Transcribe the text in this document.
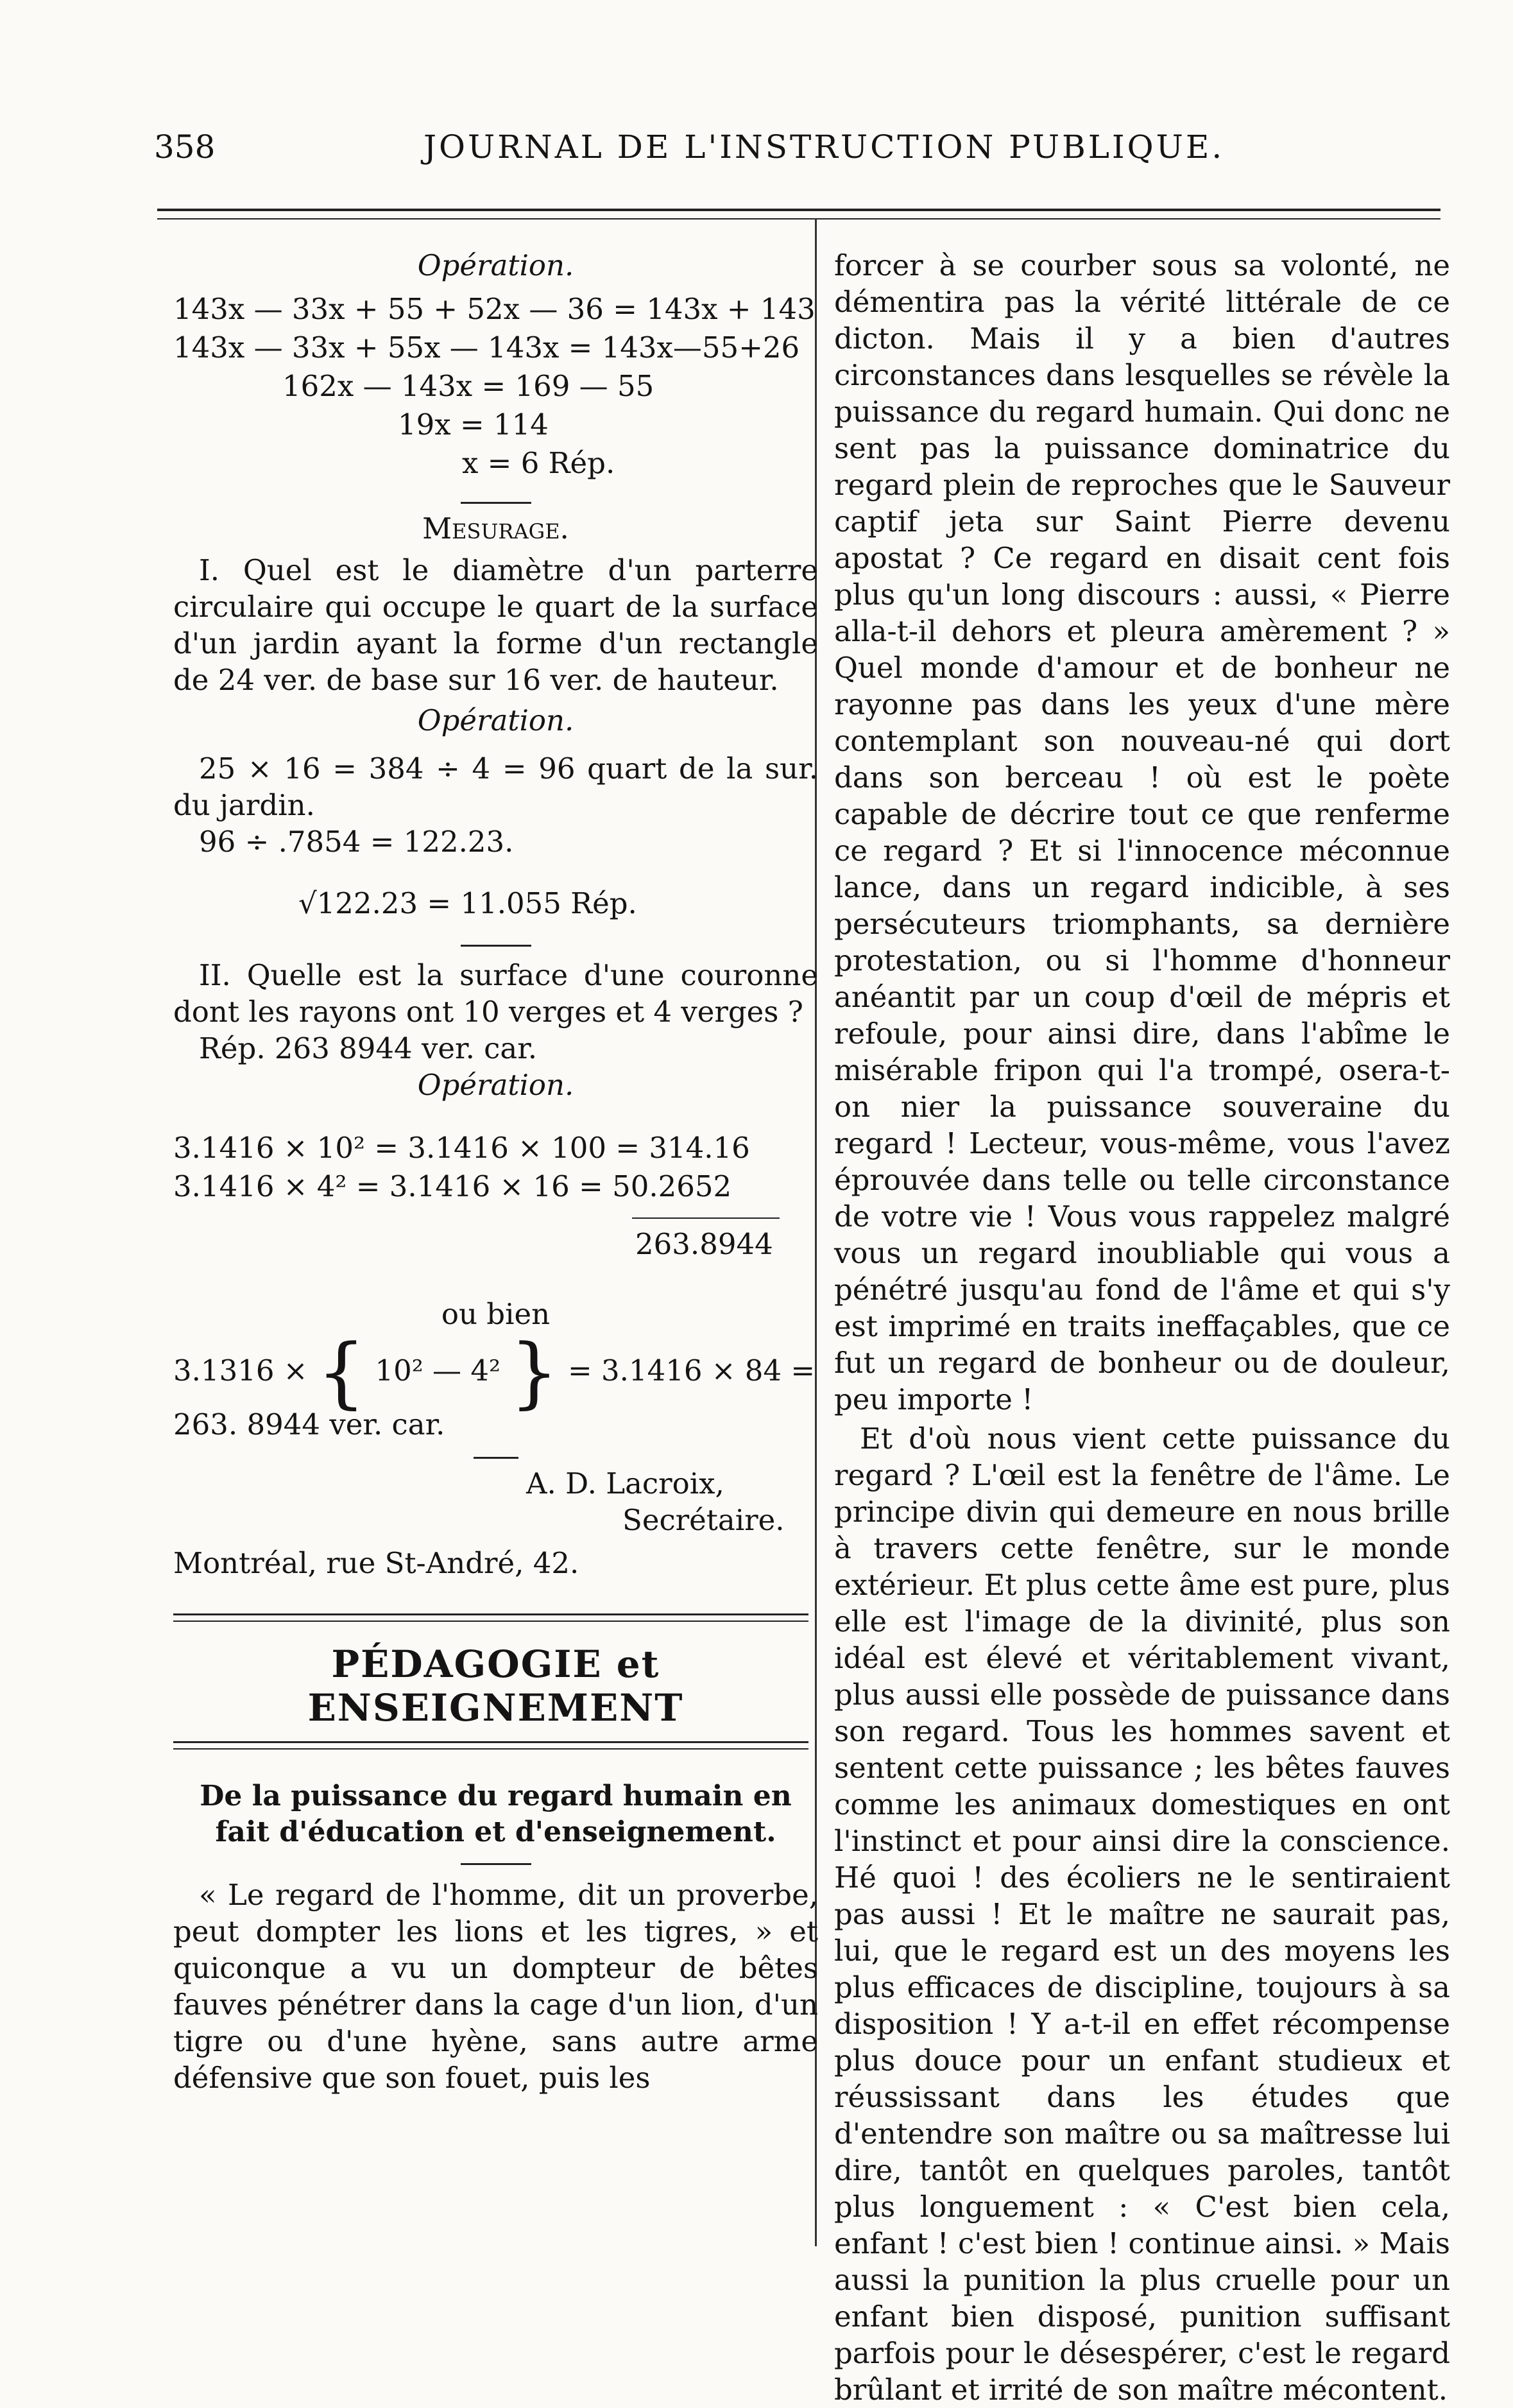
358	JOURNAL DE L'INSTRUCTION PUBLIQUE.

Opération.

143x — 33x + 55 + 52x — 36 = 143x + 143

143x — 33x + 55x — 143x = 143x—55+26

162x — 143x = 169 — 55

19x = 114

x = 6 Rép.

Mesurage.

I. Quel est le diamètre d'un parterre circulaire qui occupe le quart de la surface d'un jardin ayant la forme d'un rectangle de 24 ver. de base sur 16 ver. de hauteur.

Opération.

25 × 16 = 384 ÷ 4 = 96 quart de la sur. du jardin.

96 ÷ .7854 = 122.23.

√122.23 = 11.055 Rép.

II. Quelle est la surface d'une couronne dont les rayons ont 10 verges et 4 verges ?

Rép. 263 8944 ver. car.

Opération.

3.1416 × 10² = 3.1416 × 100 = 314.16

3.1416 × 4² = 3.1416 × 16 = 50.2652

263.8944

ou bien

3.1316 × { 10² — 4² } = 3.1416 × 84 =

263. 8944 ver. car.

A. D. Lacroix,

Secrétaire.

Montréal, rue St-André, 42.

PÉDAGOGIE et ENSEIGNEMENT

De la puissance du regard humain en fait d'éducation et d'enseignement.

« Le regard de l'homme, dit un proverbe, peut dompter les lions et les tigres, » et quiconque a vu un dompteur de bêtes fauves pénétrer dans la cage d'un lion, d'un tigre ou d'une hyène, sans autre arme défensive que son fouet, puis les

forcer à se courber sous sa volonté, ne démentira pas la vérité littérale de ce dicton. Mais il y a bien d'autres circonstances dans lesquelles se révèle la puissance du regard humain. Qui donc ne sent pas la puissance dominatrice du regard plein de reproches que le Sauveur captif jeta sur Saint Pierre devenu apostat ? Ce regard en disait cent fois plus qu'un long discours : aussi, « Pierre alla-t-il dehors et pleura amèrement ? » Quel monde d'amour et de bonheur ne rayonne pas dans les yeux d'une mère contemplant son nouveau-né qui dort dans son berceau ! où est le poète capable de décrire tout ce que renferme ce regard ? Et si l'innocence méconnue lance, dans un regard indicible, à ses persécuteurs triomphants, sa dernière protestation, ou si l'homme d'honneur anéantit par un coup d'œil de mépris et refoule, pour ainsi dire, dans l'abîme le misérable fripon qui l'a trompé, osera-t-on nier la puissance souveraine du regard ! Lecteur, vous-même, vous l'avez éprouvée dans telle ou telle circonstance de votre vie ! Vous vous rappelez malgré vous un regard inoubliable qui vous a pénétré jusqu'au fond de l'âme et qui s'y est imprimé en traits ineffaçables, que ce fut un regard de bonheur ou de douleur, peu importe !

Et d'où nous vient cette puissance du regard ? L'œil est la fenêtre de l'âme. Le principe divin qui demeure en nous brille à travers cette fenêtre, sur le monde extérieur. Et plus cette âme est pure, plus elle est l'image de la divinité, plus son idéal est élevé et véritablement vivant, plus aussi elle possède de puissance dans son regard. Tous les hommes savent et sentent cette puissance ; les bêtes fauves comme les animaux domestiques en ont l'instinct et pour ainsi dire la conscience. Hé quoi ! des écoliers ne le sentiraient pas aussi ! Et le maître ne saurait pas, lui, que le regard est un des moyens les plus efficaces de discipline, toujours à sa disposition ! Y a-t-il en effet récompense plus douce pour un enfant studieux et réussissant dans les études que d'entendre son maître ou sa maîtresse lui dire, tantôt en quelques paroles, tantôt plus longuement : « C'est bien cela, enfant ! c'est bien ! continue ainsi. » Mais aussi la punition la plus cruelle pour un enfant bien disposé, punition suffisant parfois pour le désespérer, c'est le regard brûlant et irrité de son maître mécontent.
